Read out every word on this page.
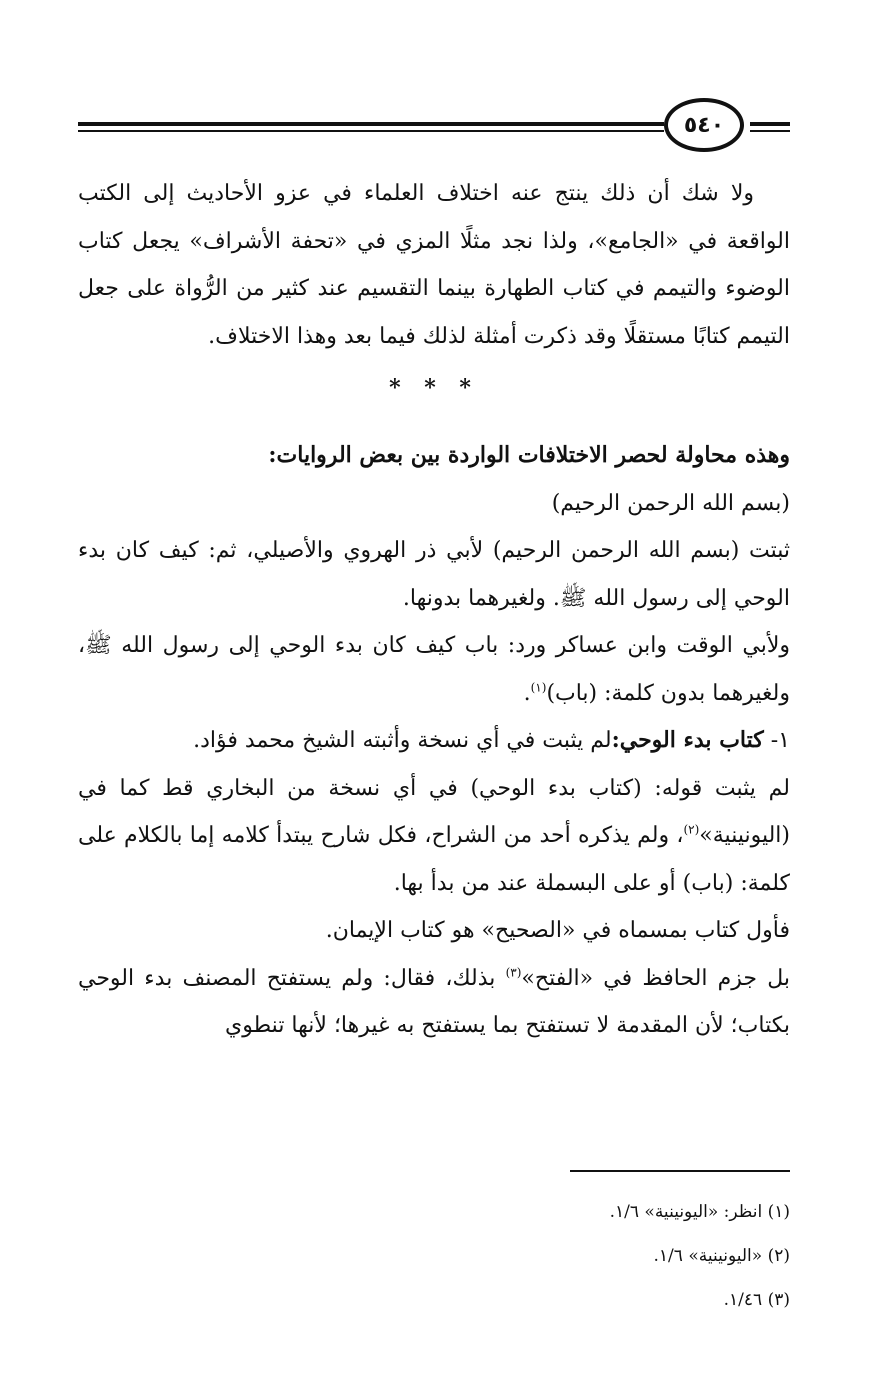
٥٤٠

ولا شك أن ذلك ينتج عنه اختلاف العلماء في عزو الأحاديث إلى الكتب الواقعة في «الجامع»، ولذا نجد مثلًا المزي في «تحفة الأشراف» يجعل كتاب الوضوء والتيمم في كتاب الطهارة بينما التقسيم عند كثير من الرُّواة على جعل التيمم كتابًا مستقلًا وقد ذكرت أمثلة لذلك فيما بعد وهذا الاختلاف.

* * *

وهذه محاولة لحصر الاختلافات الواردة بين بعض الروايات:

(بسم الله الرحمن الرحيم)

ثبتت (بسم الله الرحمن الرحيم) لأبي ذر الهروي والأصيلي، ثم: كيف كان بدء الوحي إلى رسول الله ﷺ. ولغيرهما بدونها.

ولأبي الوقت وابن عساكر ورد: باب كيف كان بدء الوحي إلى رسول الله ﷺ، ولغيرهما بدون كلمة: (باب)$^{(١)}$.

١- كتاب بدء الوحي:لم يثبت في أي نسخة وأثبته الشيخ محمد فؤاد.

لم يثبت قوله: (كتاب بدء الوحي) في أي نسخة من البخاري قط كما في (اليونينية»$^{(٢)}$، ولم يذكره أحد من الشراح، فكل شارح يبتدأ كلامه إما بالكلام على كلمة: (باب) أو على البسملة عند من بدأ بها.

فأول كتاب بمسماه في «الصحيح» هو كتاب الإيمان.

بل جزم الحافظ في «الفتح»$^{(٣)}$ بذلك، فقال: ولم يستفتح المصنف بدء الوحي بكتاب؛ لأن المقدمة لا تستفتح بما يستفتح به غيرها؛ لأنها تنطوي

(١) انظر: «اليونينية» ١/٦.

(٢) «اليونينية» ١/٦.

(٣) ١/٤٦.
